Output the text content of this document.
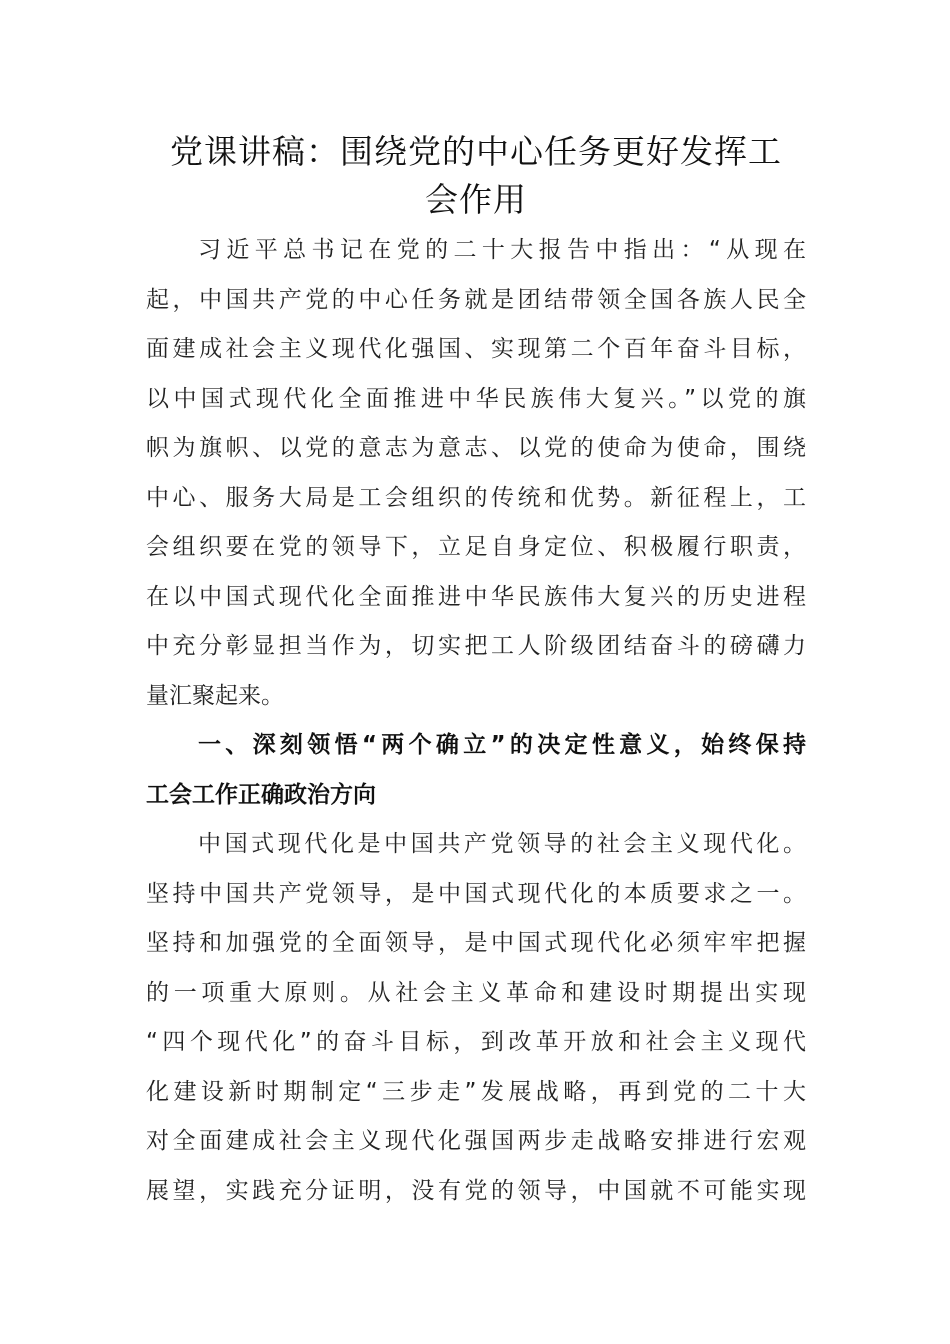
党课讲稿：围绕党的中心任务更好发挥工
会作用
习近平总书记在党的二十大报告中指出：“从现在
起，中国共产党的中心任务就是团结带领全国各族人民全
面建成社会主义现代化强国、实现第二个百年奋斗目标，
以中国式现代化全面推进中华民族伟大复兴。”以党的旗
帜为旗帜、以党的意志为意志、以党的使命为使命，围绕
中心、服务大局是工会组织的传统和优势。新征程上，工
会组织要在党的领导下，立足自身定位、积极履行职责，
在以中国式现代化全面推进中华民族伟大复兴的历史进程
中充分彰显担当作为，切实把工人阶级团结奋斗的磅礴力
量汇聚起来。
一、深刻领悟“两个确立”的决定性意义，始终保持
工会工作正确政治方向
中国式现代化是中国共产党领导的社会主义现代化。
坚持中国共产党领导，是中国式现代化的本质要求之一。
坚持和加强党的全面领导，是中国式现代化必须牢牢把握
的一项重大原则。从社会主义革命和建设时期提出实现
“四个现代化”的奋斗目标，到改革开放和社会主义现代
化建设新时期制定“三步走”发展战略，再到党的二十大
对全面建成社会主义现代化强国两步走战略安排进行宏观
展望，实践充分证明，没有党的领导，中国就不可能实现
